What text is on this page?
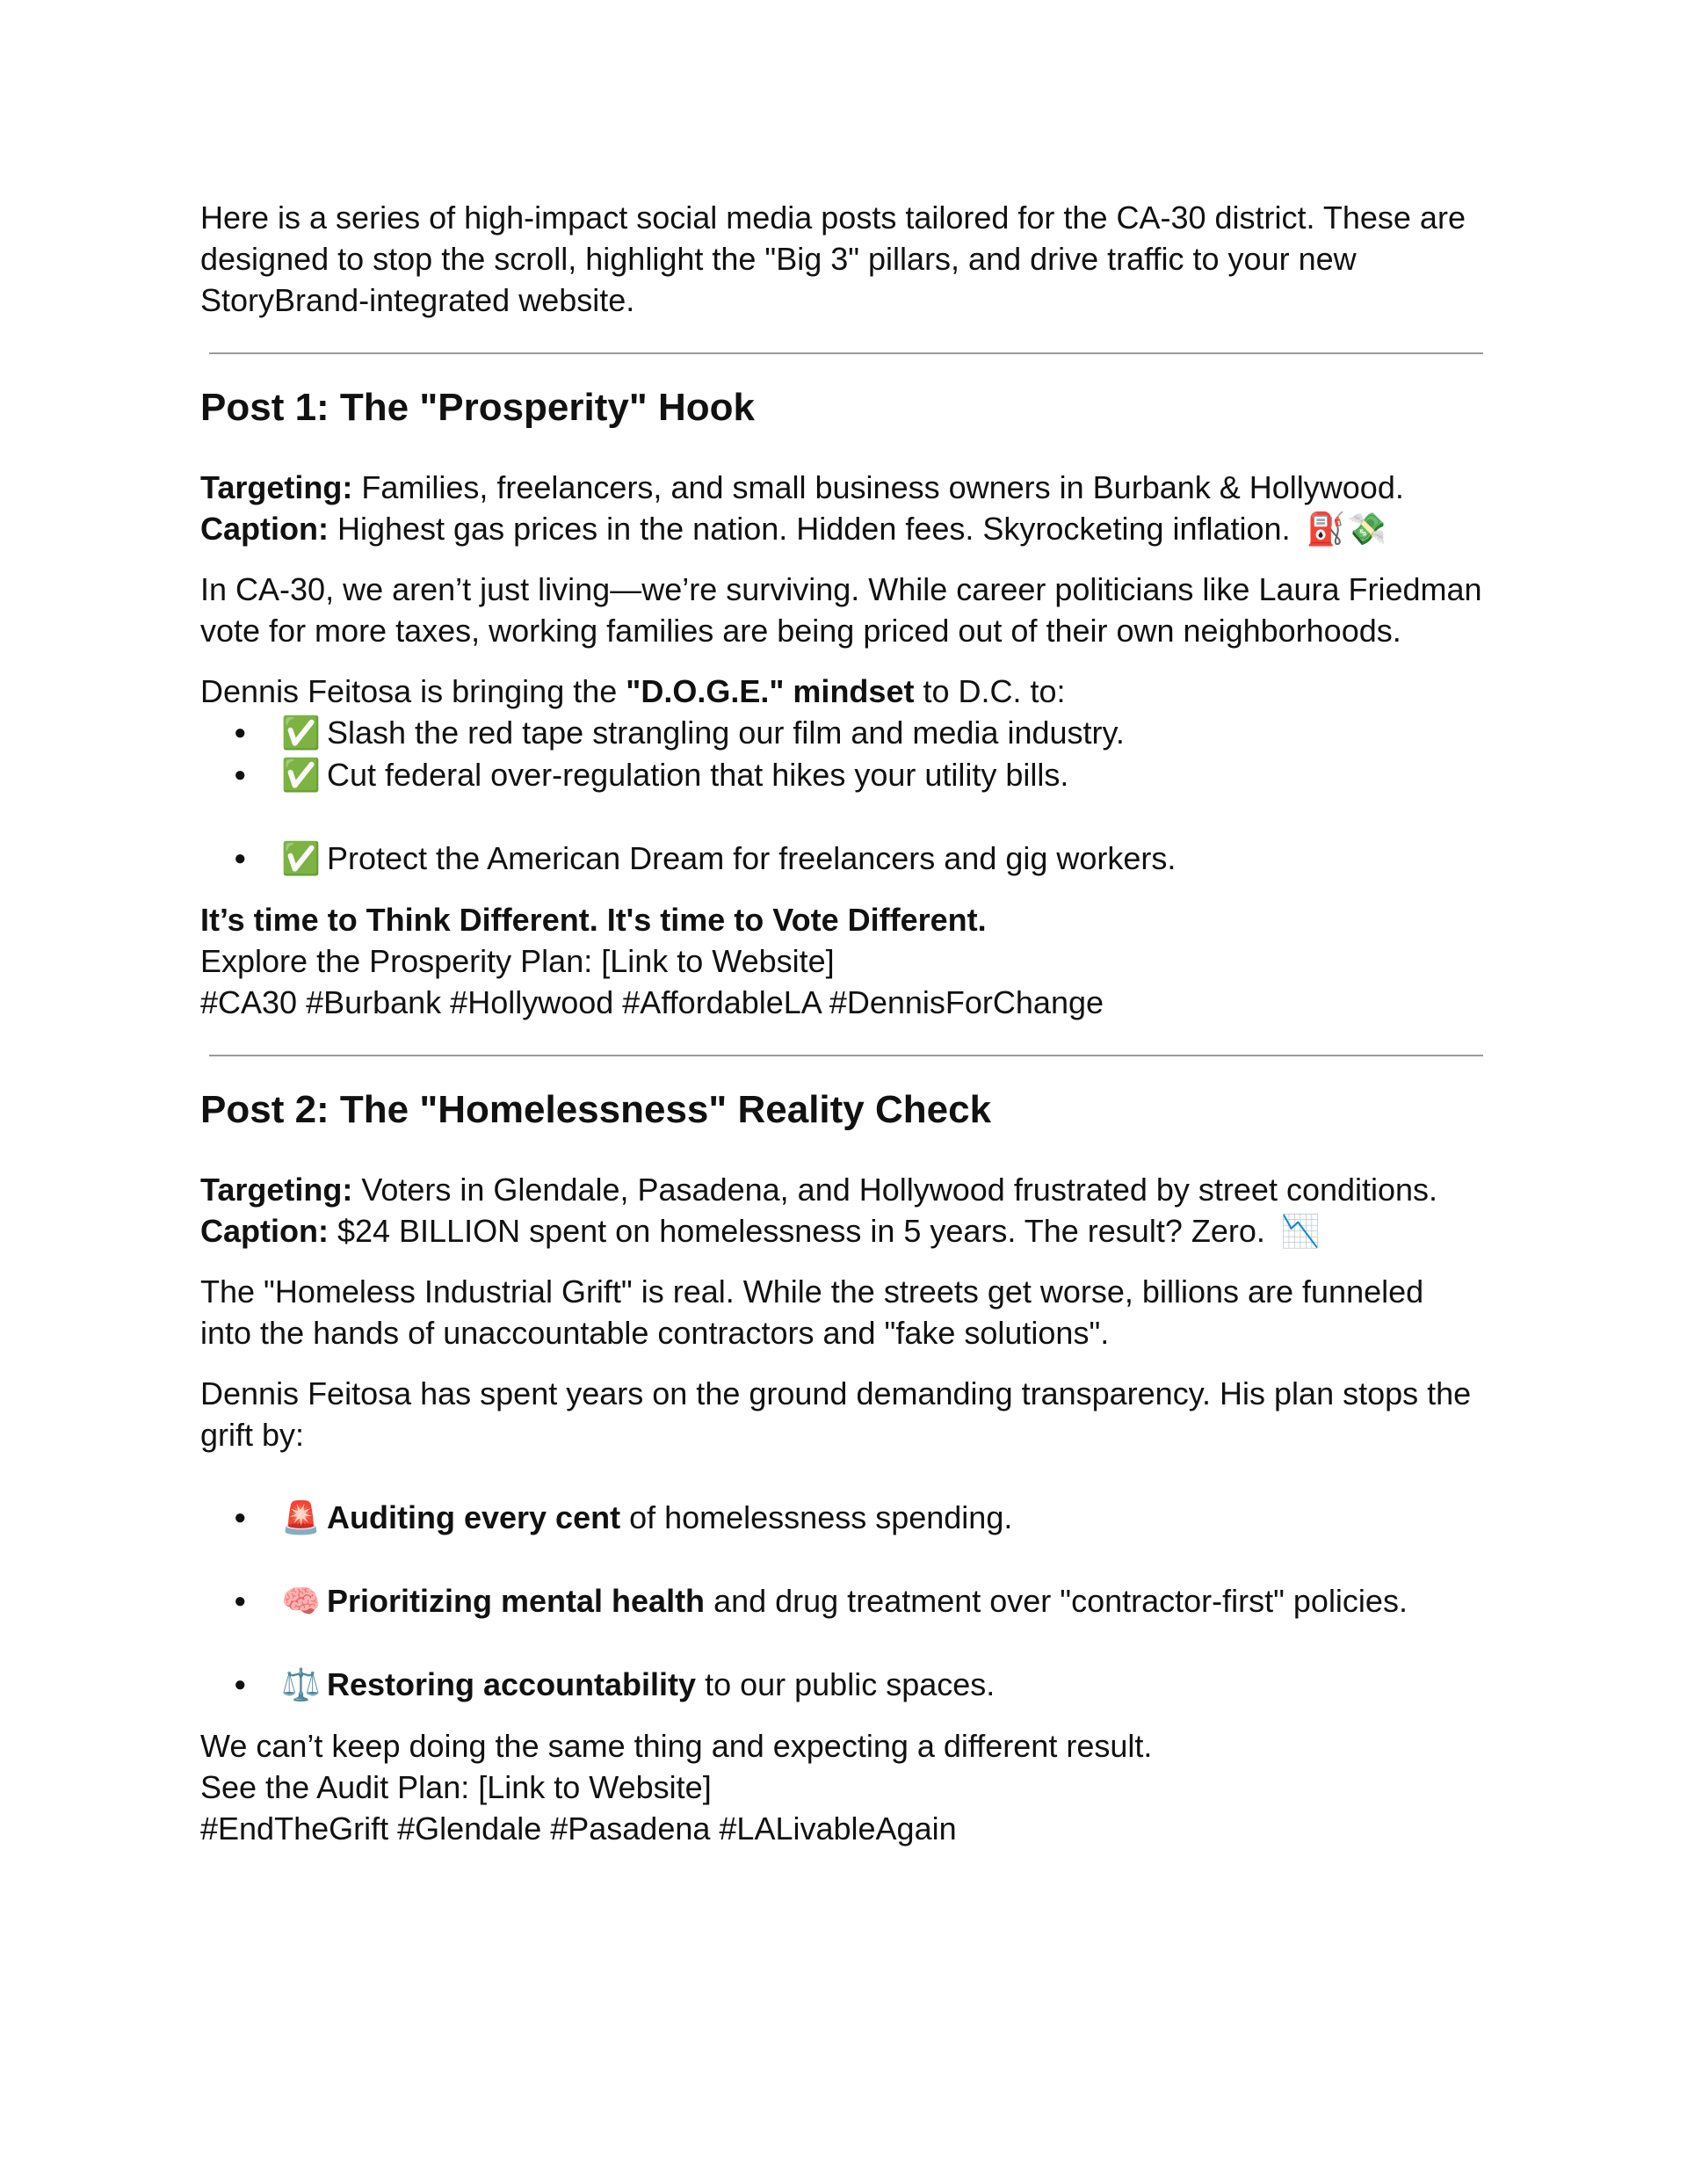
Here is a series of high-impact social media posts tailored for the CA-30 district. These are designed to stop the scroll, highlight the "Big 3" pillars, and drive traffic to your new StoryBrand-integrated website.

Post 1: The "Prosperity" Hook

Targeting: Families, freelancers, and small business owners in Burbank & Hollywood.

Caption: Highest gas prices in the nation. Hidden fees. Skyrocketing inflation. ⛽💸

In CA-30, we aren’t just living—we’re surviving. While career politicians like Laura Friedman vote for more taxes, working families are being priced out of their own neighborhoods.

Dennis Feitosa is bringing the "D.O.G.E." mindset to D.C. to:

● ✅ Slash the red tape strangling our film and media industry.
● ✅ Cut federal over-regulation that hikes your utility bills.
● ✅ Protect the American Dream for freelancers and gig workers.

It’s time to Think Different. It's time to Vote Different.

Explore the Prosperity Plan: [Link to Website]

#CA30 #Burbank #Hollywood #AffordableLA #DennisForChange

Post 2: The "Homelessness" Reality Check

Targeting: Voters in Glendale, Pasadena, and Hollywood frustrated by street conditions.

Caption: $24 BILLION spent on homelessness in 5 years. The result? Zero. 📉

The "Homeless Industrial Grift" is real. While the streets get worse, billions are funneled into the hands of unaccountable contractors and "fake solutions".

Dennis Feitosa has spent years on the ground demanding transparency. His plan stops the grift by:

● 🚨 Auditing every cent of homelessness spending.
● 🧠 Prioritizing mental health and drug treatment over "contractor-first" policies.
● ⚖️ Restoring accountability to our public spaces.

We can’t keep doing the same thing and expecting a different result.

See the Audit Plan: [Link to Website]

#EndTheGrift #Glendale #Pasadena #LALivableAgain
